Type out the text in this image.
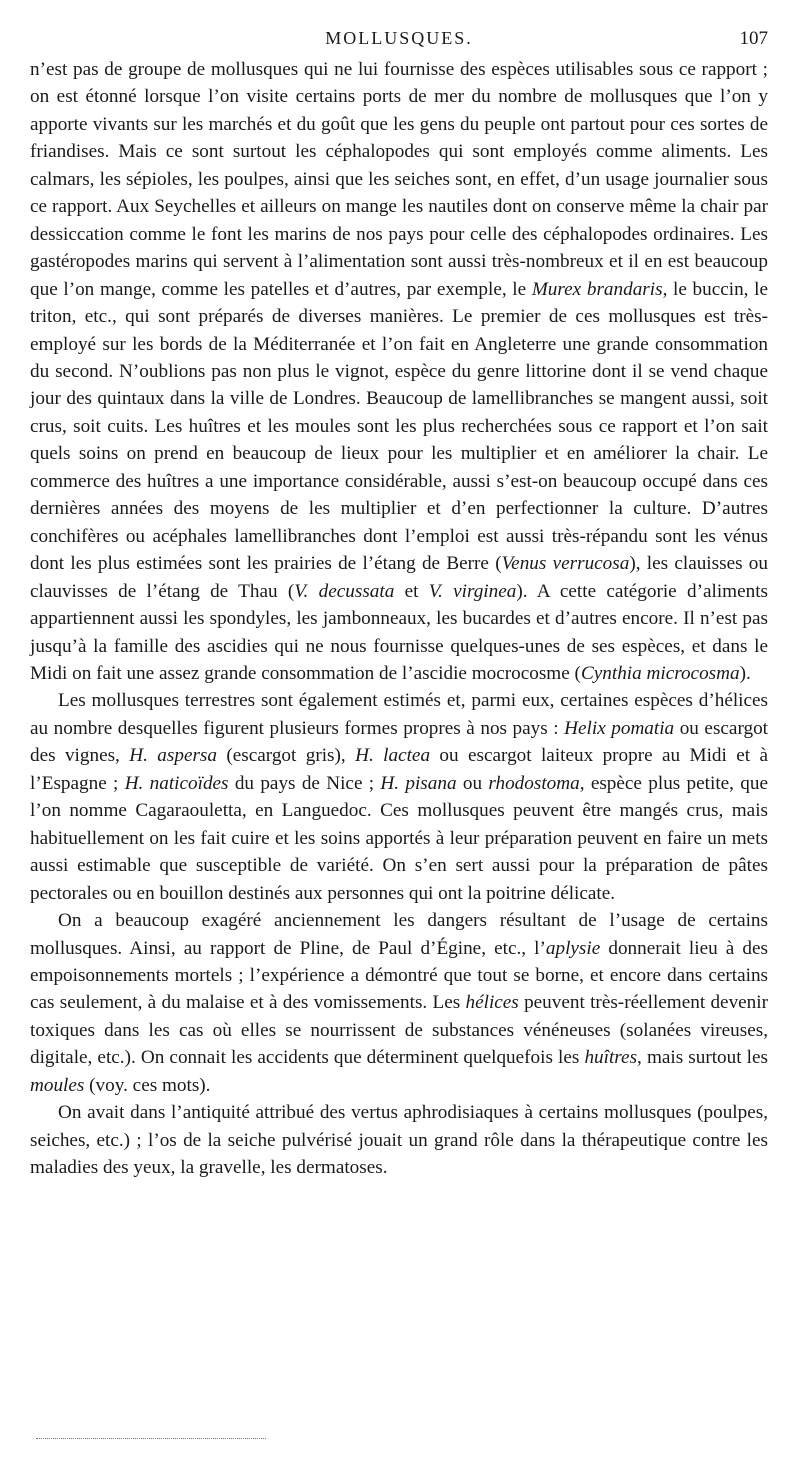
MOLLUSQUES.	107

n’est pas de groupe de mollusques qui ne lui fournisse des espèces utilisables sous ce rapport ; on est étonné lorsque l’on visite certains ports de mer du nombre de mollusques que l’on y apporte vivants sur les marchés et du goût que les gens du peuple ont partout pour ces sortes de friandises. Mais ce sont surtout les céphalopodes qui sont employés comme aliments. Les calmars, les sépioles, les poulpes, ainsi que les seiches sont, en effet, d’un usage journalier sous ce rapport. Aux Seychelles et ailleurs on mange les nautiles dont on conserve même la chair par dessiccation comme le font les marins de nos pays pour celle des céphalopodes ordinaires. Les gastéropodes marins qui servent à l’alimentation sont aussi très-nombreux et il en est beaucoup que l’on mange, comme les patelles et d’autres, par exemple, le Murex brandaris, le buccin, le triton, etc., qui sont préparés de diverses manières. Le premier de ces mollusques est très-employé sur les bords de la Méditerranée et l’on fait en Angleterre une grande consommation du second. N’oublions pas non plus le vignot, espèce du genre littorine dont il se vend chaque jour des quintaux dans la ville de Londres. Beaucoup de lamellibranches se mangent aussi, soit crus, soit cuits. Les huîtres et les moules sont les plus recherchées sous ce rapport et l’on sait quels soins on prend en beaucoup de lieux pour les multiplier et en améliorer la chair. Le commerce des huîtres a une importance considérable, aussi s’est-on beaucoup occupé dans ces dernières années des moyens de les multiplier et d’en perfectionner la culture. D’autres conchifères ou acéphales lamellibranches dont l’emploi est aussi très-répandu sont les vénus dont les plus estimées sont les prairies de l’étang de Berre (Venus verrucosa), les clauisses ou clauvisses de l’étang de Thau (V. decussata et V. virginea). A cette catégorie d’aliments appartiennent aussi les spondyles, les jambonneaux, les bucardes et d’autres encore. Il n’est pas jusqu’à la famille des ascidies qui ne nous fournisse quelques-unes de ses espèces, et dans le Midi on fait une assez grande consommation de l’ascidie mocrocosme (Cynthia microcosma).

Les mollusques terrestres sont également estimés et, parmi eux, certaines espèces d’hélices au nombre desquelles figurent plusieurs formes propres à nos pays : Helix pomatia ou escargot des vignes, H. aspersa (escargot gris), H. lactea ou escargot laiteux propre au Midi et à l’Espagne ; H. naticoïdes du pays de Nice ; H. pisana ou rhodostoma, espèce plus petite, que l’on nomme Cagaraouletta, en Languedoc. Ces mollusques peuvent être mangés crus, mais habituellement on les fait cuire et les soins apportés à leur préparation peuvent en faire un mets aussi estimable que susceptible de variété. On s’en sert aussi pour la préparation de pâtes pectorales ou en bouillon destinés aux personnes qui ont la poitrine délicate.

On a beaucoup exagéré anciennement les dangers résultant de l’usage de certains mollusques. Ainsi, au rapport de Pline, de Paul d’Égine, etc., l’aplysie donnerait lieu à des empoisonnements mortels ; l’expérience a démontré que tout se borne, et encore dans certains cas seulement, à du malaise et à des vomissements. Les hélices peuvent très-réellement devenir toxiques dans les cas où elles se nourrissent de substances vénéneuses (solanées vireuses, digitale, etc.). On connait les accidents que déterminent quelquefois les huîtres, mais surtout les moules (voy. ces mots).

On avait dans l’antiquité attribué des vertus aphrodisiaques à certains mollusques (poulpes, seiches, etc.) ; l’os de la seiche pulvérisé jouait un grand rôle dans la thérapeutique contre les maladies des yeux, la gravelle, les dermatoses.
